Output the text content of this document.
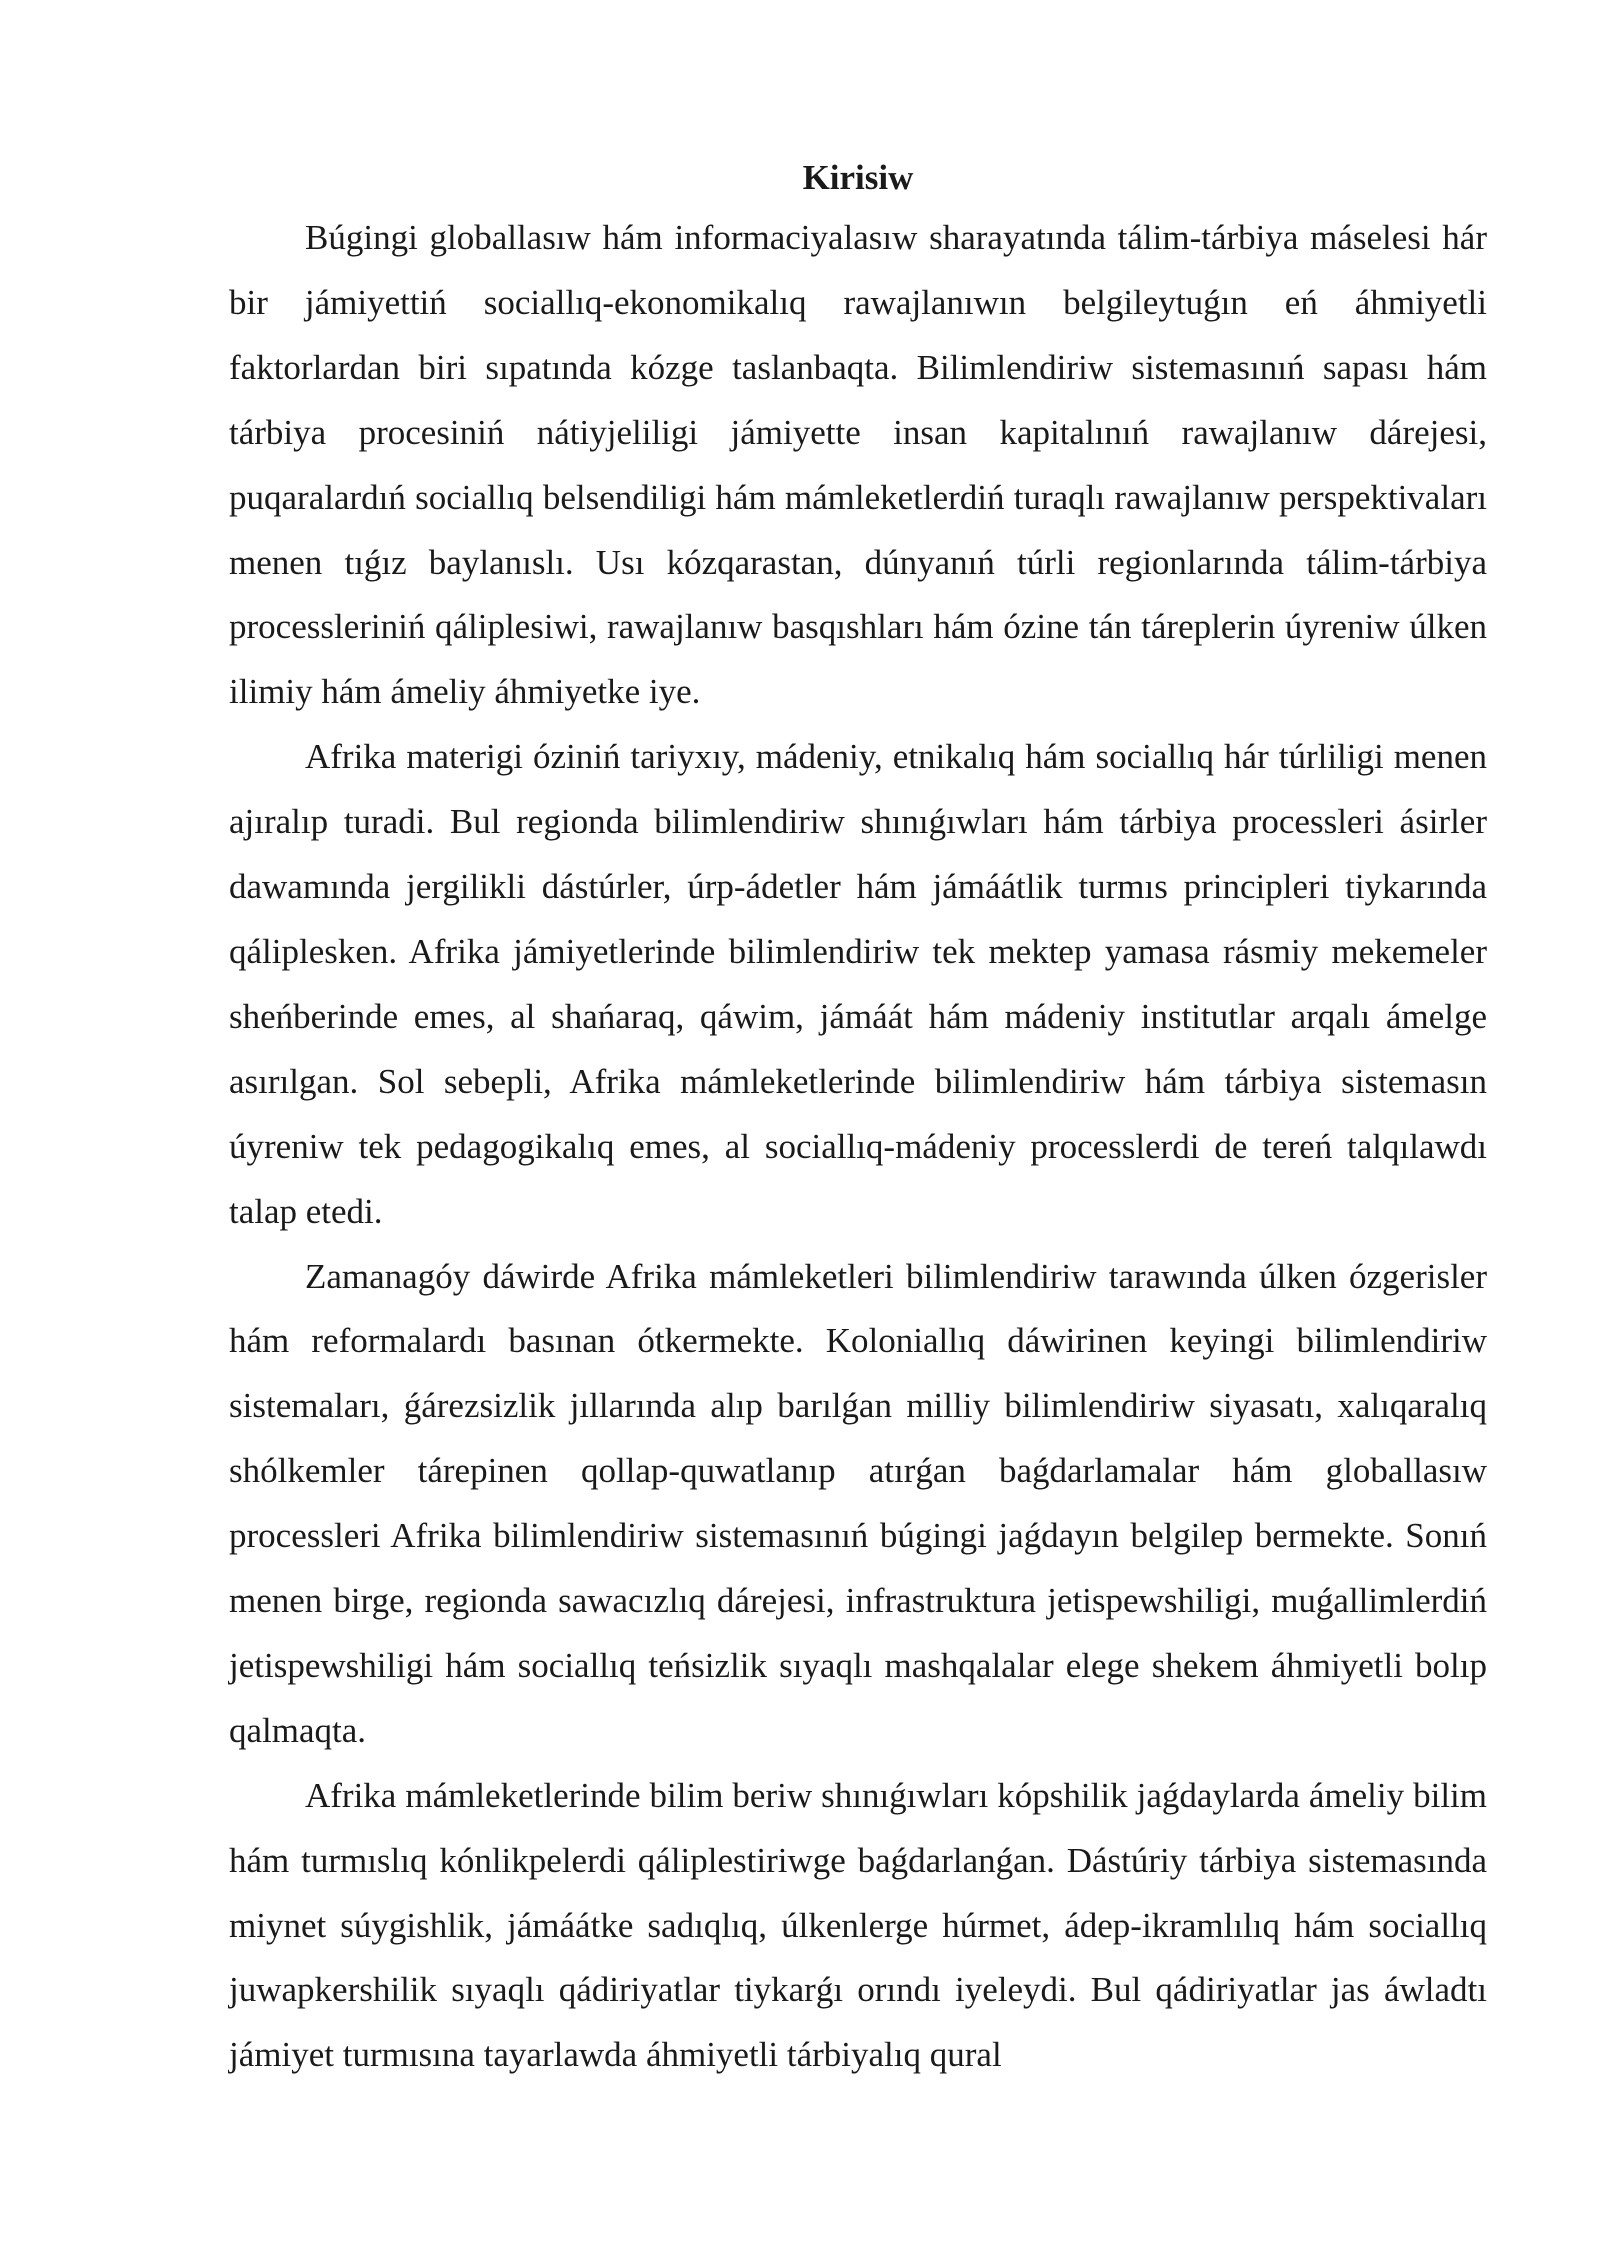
Kirisiw

Búgingi globallasıw hám informaciyalasıw sharayatında tálim-tárbiya máselesi hár bir jámiyettiń sociallıq-ekonomikalıq rawajlanıwın belgileytuǵın eń áhmiyetli faktorlardan biri sıpatında kózge taslanbaqta. Bilimlendiriw sistemasınıń sapası hám tárbiya procesiniń nátiyjeliligi jámiyette insan kapitalınıń rawajlanıw dárejesi, puqaralardıń sociallıq belsendiligi hám mámleketlerdiń turaqlı rawajlanıw perspektivaları menen tıǵız baylanıslı. Usı kózqarastan, dúnyanıń túrli regionlarında tálim-tárbiya processleriniń qáliplesiwi, rawajlanıw basqıshları hám ózine tán táreplerin úyreniw úlken ilimiy hám ámeliy áhmiyetke iye.

Afrika materigi óziniń tariyxıy, mádeniy, etnikalıq hám sociallıq hár túrliligi menen ajıralıp turadi. Bul regionda bilimlendiriw shınıǵıwları hám tárbiya processleri ásirler dawamında jergilikli dástúrler, úrp-ádetler hám jámáátlik turmıs principleri tiykarında qáliplesken. Afrika jámiyetlerinde bilimlendiriw tek mektep yamasa rásmiy mekemeler sheńberinde emes, al shańaraq, qáwim, jámáát hám mádeniy institutlar arqalı ámelge asırılgan. Sol sebepli, Afrika mámleketlerinde bilimlendiriw hám tárbiya sistemasın úyreniw tek pedagogikalıq emes, al sociallıq-mádeniy processlerdi de tereń talqılawdı talap etedi.

Zamanagóy dáwirde Afrika mámleketleri bilimlendiriw tarawında úlken ózgerisler hám reformalardı basınan ótkermekte. Koloniallıq dáwirinen keyingi bilimlendiriw sistemaları, ǵárezsizlik jıllarında alıp barılǵan milliy bilimlendiriw siyasatı, xalıqaralıq shólkemler tárepinen qollap-quwatlanıp atırǵan baǵdarlamalar hám globallasıw processleri Afrika bilimlendiriw sistemasınıń búgingi jaǵdayın belgilep bermekte. Sonıń menen birge, regionda sawacızlıq dárejesi, infrastruktura jetispewshiligi, muǵallimlerdiń jetispewshiligi hám sociallıq teńsizlik sıyaqlı mashqalalar elege shekem áhmiyetli bolıp qalmaqta.

Afrika mámleketlerinde bilim beriw shınıǵıwları kópshilik jaǵdaylarda ámeliy bilim hám turmıslıq kónlikpelerdi qáliplestiriwge baǵdarlanǵan. Dástúriy tárbiya sistemasında miynet súygishlik, jámáátke sadıqlıq, úlkenlerge húrmet, ádep-ikramlılıq hám sociallıq juwapkershilik sıyaqlı qádiriyatlar tiykarǵı orındı iyeleydi. Bul qádiriyatlar jas áwladtı jámiyet turmısına tayarlawda áhmiyetli tárbiyalıq qural
